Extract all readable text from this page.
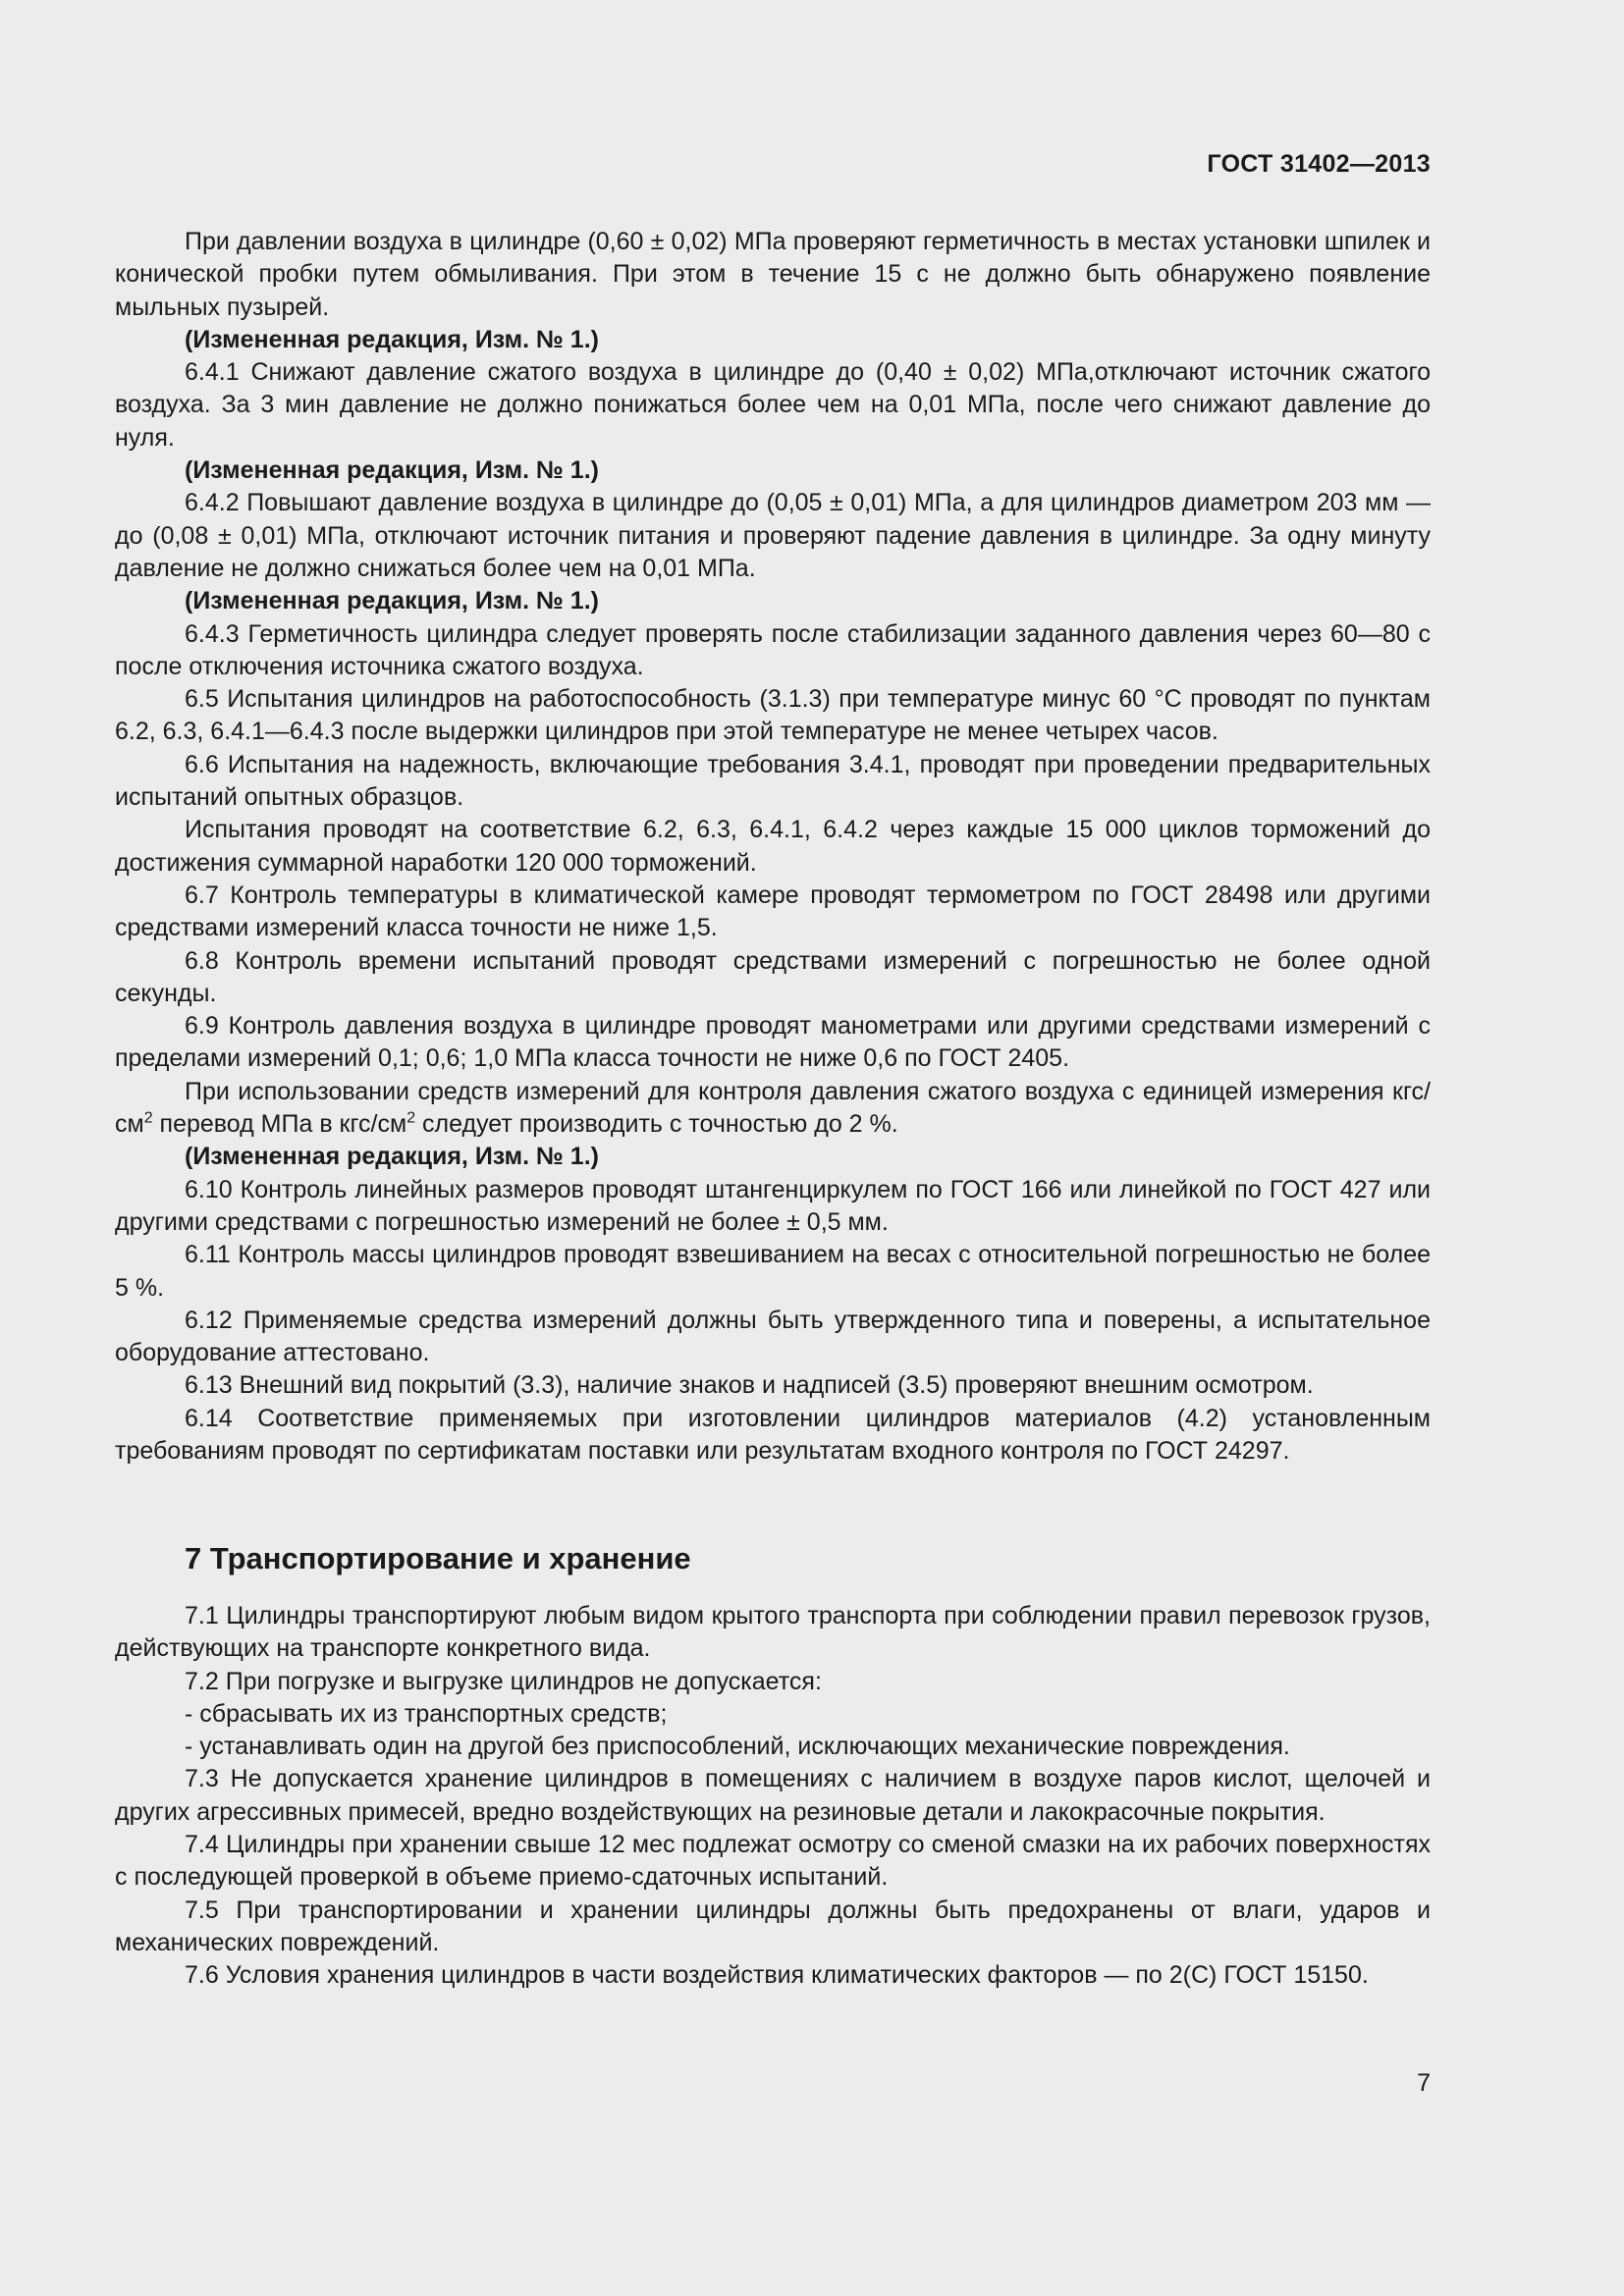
ГОСТ 31402—2013

При давлении воздуха в цилиндре (0,60 ± 0,02) МПа проверяют герметичность в местах установки шпилек и конической пробки путем обмыливания. При этом в течение 15 с не должно быть обнаружено появление мыльных пузырей.

(Измененная редакция, Изм. № 1.)

6.4.1 Снижают давление сжатого воздуха в цилиндре до (0,40 ± 0,02) МПа,отключают источник сжатого воздуха. За 3 мин давление не должно понижаться более чем на 0,01 МПа, после чего снижают давление до нуля.

(Измененная редакция, Изм. № 1.)

6.4.2 Повышают давление воздуха в цилиндре до (0,05 ± 0,01) МПа, а для цилиндров диаметром 203 мм — до (0,08 ± 0,01) МПа, отключают источник питания и проверяют падение давления в цилиндре. За одну минуту давление не должно снижаться более чем на 0,01 МПа.

(Измененная редакция, Изм. № 1.)

6.4.3 Герметичность цилиндра следует проверять после стабилизации заданного давления через 60—80 с после отключения источника сжатого воздуха.

6.5 Испытания цилиндров на работоспособность (3.1.3) при температуре минус 60 °С проводят по пунктам 6.2, 6.3, 6.4.1—6.4.3 после выдержки цилиндров при этой температуре не менее четырех часов.

6.6 Испытания на надежность, включающие требования 3.4.1, проводят при проведении предварительных испытаний опытных образцов.

Испытания проводят на соответствие 6.2, 6.3, 6.4.1, 6.4.2 через каждые 15 000 циклов торможений до достижения суммарной наработки 120 000 торможений.

6.7 Контроль температуры в климатической камере проводят термометром по ГОСТ 28498 или другими средствами измерений класса точности не ниже 1,5.

6.8 Контроль времени испытаний проводят средствами измерений с погрешностью не более одной секунды.

6.9 Контроль давления воздуха в цилиндре проводят манометрами или другими средствами измерений с пределами измерений 0,1; 0,6; 1,0 МПа класса точности не ниже 0,6 по ГОСТ 2405.

При использовании средств измерений для контроля давления сжатого воздуха с единицей измерения кгс/$см^2$ перевод МПа в кгс/$см^2$ следует производить с точностью до 2 %.

(Измененная редакция, Изм. № 1.)

6.10 Контроль линейных размеров проводят штангенциркулем по ГОСТ 166 или линейкой по ГОСТ 427 или другими средствами с погрешностью измерений не более ± 0,5 мм.

6.11 Контроль массы цилиндров проводят взвешиванием на весах с относительной погрешностью не более 5 %.

6.12 Применяемые средства измерений должны быть утвержденного типа и поверены, а испытательное оборудование аттестовано.

6.13 Внешний вид покрытий (3.3), наличие знаков и надписей (3.5) проверяют внешним осмотром.

6.14 Соответствие применяемых при изготовлении цилиндров материалов (4.2) установленным требованиям проводят по сертификатам поставки или результатам входного контроля по ГОСТ 24297.

7 Транспортирование и хранение

7.1 Цилиндры транспортируют любым видом крытого транспорта при соблюдении правил перевозок грузов, действующих на транспорте конкретного вида.

7.2 При погрузке и выгрузке цилиндров не допускается:

- сбрасывать их из транспортных средств;

- устанавливать один на другой без приспособлений, исключающих механические повреждения.

7.3 Не допускается хранение цилиндров в помещениях с наличием в воздухе паров кислот, щелочей и других агрессивных примесей, вредно воздействующих на резиновые детали и лакокрасочные покрытия.

7.4 Цилиндры при хранении свыше 12 мес подлежат осмотру со сменой смазки на их рабочих поверхностях с последующей проверкой в объеме приемо-сдаточных испытаний.

7.5 При транспортировании и хранении цилиндры должны быть предохранены от влаги, ударов и механических повреждений.

7.6 Условия хранения цилиндров в части воздействия климатических факторов — по 2(С) ГОСТ 15150.

7
